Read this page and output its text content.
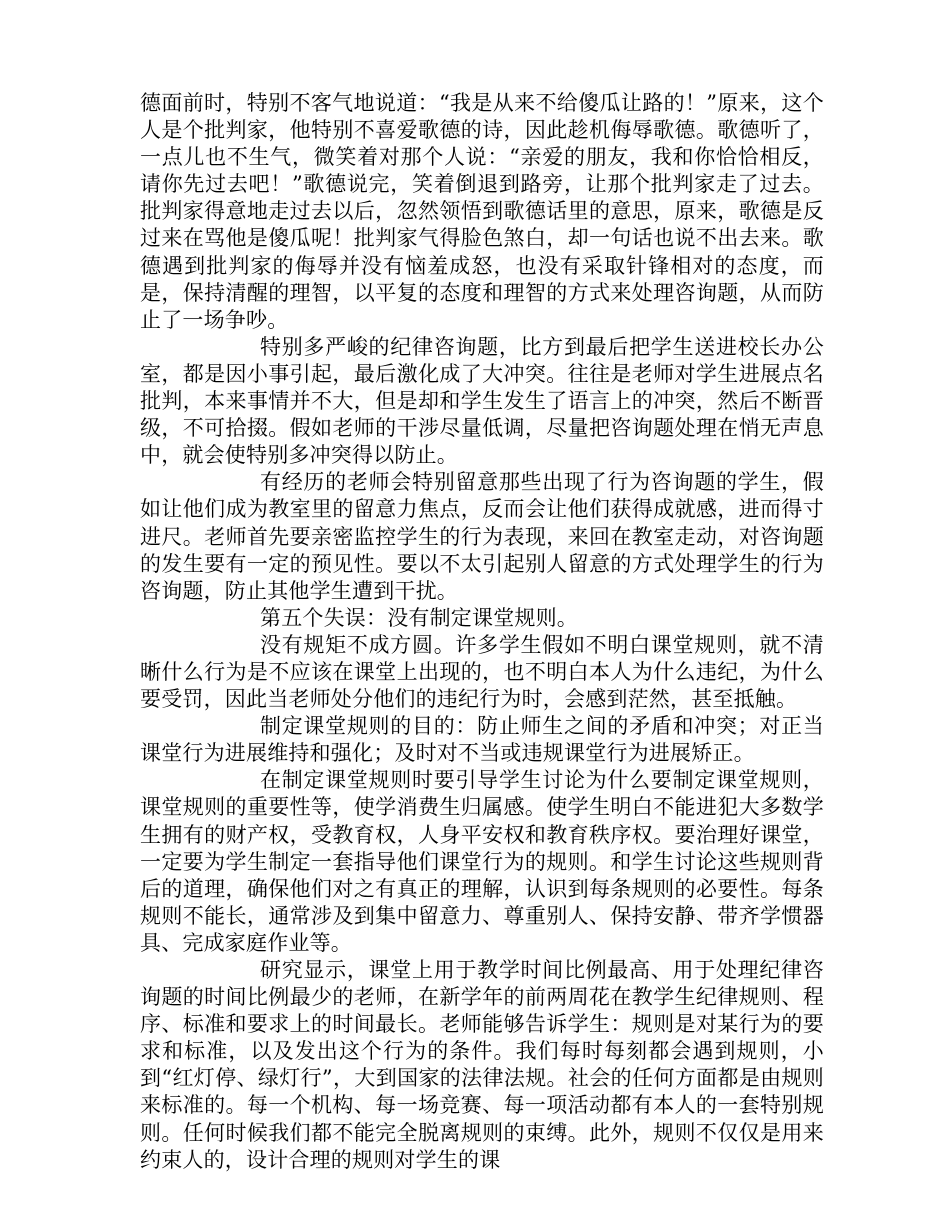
德面前时，特别不客气地说道：“我是从来不给傻瓜让路的！”原来，这个人是个批判家，他特别不喜爱歌德的诗，因此趁机侮辱歌德。歌德听了，一点儿也不生气，微笑着对那个人说：“亲爱的朋友，我和你恰恰相反，请你先过去吧！”歌德说完，笑着倒退到路旁，让那个批判家走了过去。批判家得意地走过去以后，忽然领悟到歌德话里的意思，原来，歌德是反过来在骂他是傻瓜呢！批判家气得脸色煞白，却一句话也说不出去来。歌德遇到批判家的侮辱并没有恼羞成怒，也没有采取针锋相对的态度，而是，保持清醒的理智，以平复的态度和理智的方式来处理咨询题，从而防止了一场争吵。

特别多严峻的纪律咨询题，比方到最后把学生送进校长办公室，都是因小事引起，最后激化成了大冲突。往往是老师对学生进展点名批判，本来事情并不大，但是却和学生发生了语言上的冲突，然后不断晋级，不可拾掇。假如老师的干涉尽量低调，尽量把咨询题处理在悄无声息中，就会使特别多冲突得以防止。

有经历的老师会特别留意那些出现了行为咨询题的学生，假如让他们成为教室里的留意力焦点，反而会让他们获得成就感，进而得寸进尺。老师首先要亲密监控学生的行为表现，来回在教室走动，对咨询题的发生要有一定的预见性。要以不太引起别人留意的方式处理学生的行为咨询题，防止其他学生遭到干扰。

第五个失误：没有制定课堂规则。

没有规矩不成方圆。许多学生假如不明白课堂规则，就不清晰什么行为是不应该在课堂上出现的，也不明白本人为什么违纪，为什么要受罚，因此当老师处分他们的违纪行为时，会感到茫然，甚至抵触。

制定课堂规则的目的：防止师生之间的矛盾和冲突；对正当课堂行为进展维持和强化；及时对不当或违规课堂行为进展矫正。

在制定课堂规则时要引导学生讨论为什么要制定课堂规则，课堂规则的重要性等，使学消费生归属感。使学生明白不能进犯大多数学生拥有的财产权，受教育权，人身平安权和教育秩序权。要治理好课堂，一定要为学生制定一套指导他们课堂行为的规则。和学生讨论这些规则背后的道理，确保他们对之有真正的理解，认识到每条规则的必要性。每条规则不能长，通常涉及到集中留意力、尊重别人、保持安静、带齐学惯器具、完成家庭作业等。

研究显示，课堂上用于教学时间比例最高、用于处理纪律咨询题的时间比例最少的老师，在新学年的前两周花在教学生纪律规则、程序、标准和要求上的时间最长。老师能够告诉学生：规则是对某行为的要求和标准，以及发出这个行为的条件。我们每时每刻都会遇到规则，小到“红灯停、绿灯行”，大到国家的法律法规。社会的任何方面都是由规则来标准的。每一个机构、每一场竞赛、每一项活动都有本人的一套特别规则。任何时候我们都不能完全脱离规则的束缚。此外，规则不仅仅是用来约束人的，设计合理的规则对学生的课
